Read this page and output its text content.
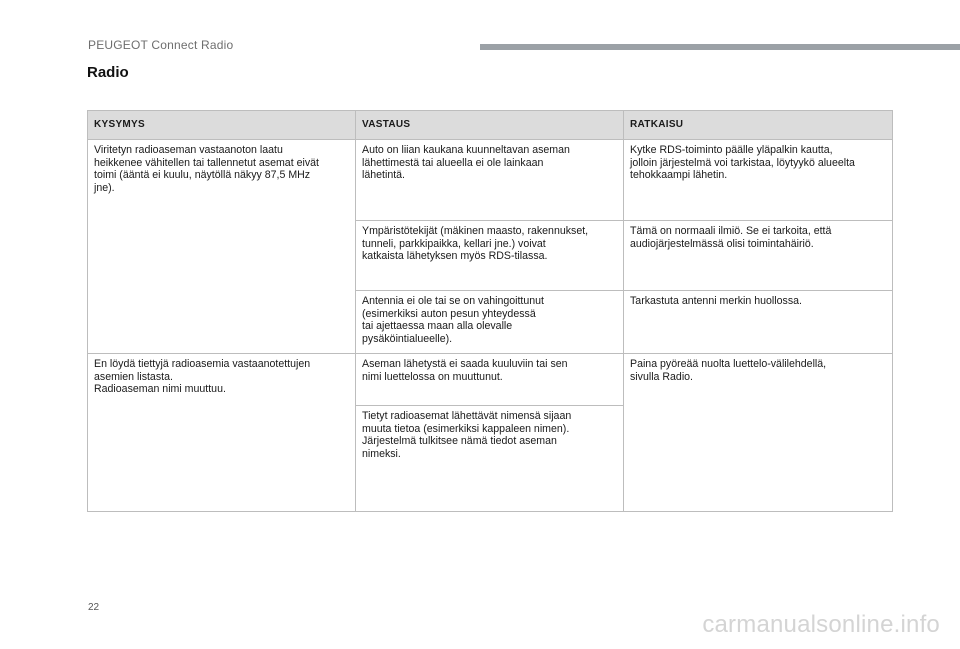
PEUGEOT Connect Radio
Radio
KYSYMYS	VASTAUS	RATKAISU
Viritetyn radioaseman vastaanoton laatu
heikkenee vähitellen tai tallennetut asemat eivät
toimi (ääntä ei kuulu, näytöllä näkyy 87,5 MHz
jne).	Auto on liian kaukana kuunneltavan aseman
lähettimestä tai alueella ei ole lainkaan
lähetintä.	Kytke RDS-toiminto päälle yläpalkin kautta,
jolloin järjestelmä voi tarkistaa, löytyykö alueelta
tehokkaampi lähetin.
	Ympäristötekijät (mäkinen maasto, rakennukset,
tunneli, parkkipaikka, kellari jne.) voivat
katkaista lähetyksen myös RDS-tilassa.	Tämä on normaali ilmiö. Se ei tarkoita, että
audiojärjestelmässä olisi toimintahäiriö.
	Antennia ei ole tai se on vahingoittunut
(esimerkiksi auton pesun yhteydessä
tai ajettaessa maan alla olevalle
pysäköintialueelle).	Tarkastuta antenni merkin huollossa.
En löydä tiettyjä radioasemia vastaanotettujen
asemien listasta.
Radioaseman nimi muuttuu.	Aseman lähetystä ei saada kuuluviin tai sen
nimi luettelossa on muuttunut.	Paina pyöreää nuolta luettelo-välilehdellä,
sivulla Radio.
	Tietyt radioasemat lähettävät nimensä sijaan
muuta tietoa (esimerkiksi kappaleen nimen).
Järjestelmä tulkitsee nämä tiedot aseman
nimeksi.	
22
carmanualsonline.info
